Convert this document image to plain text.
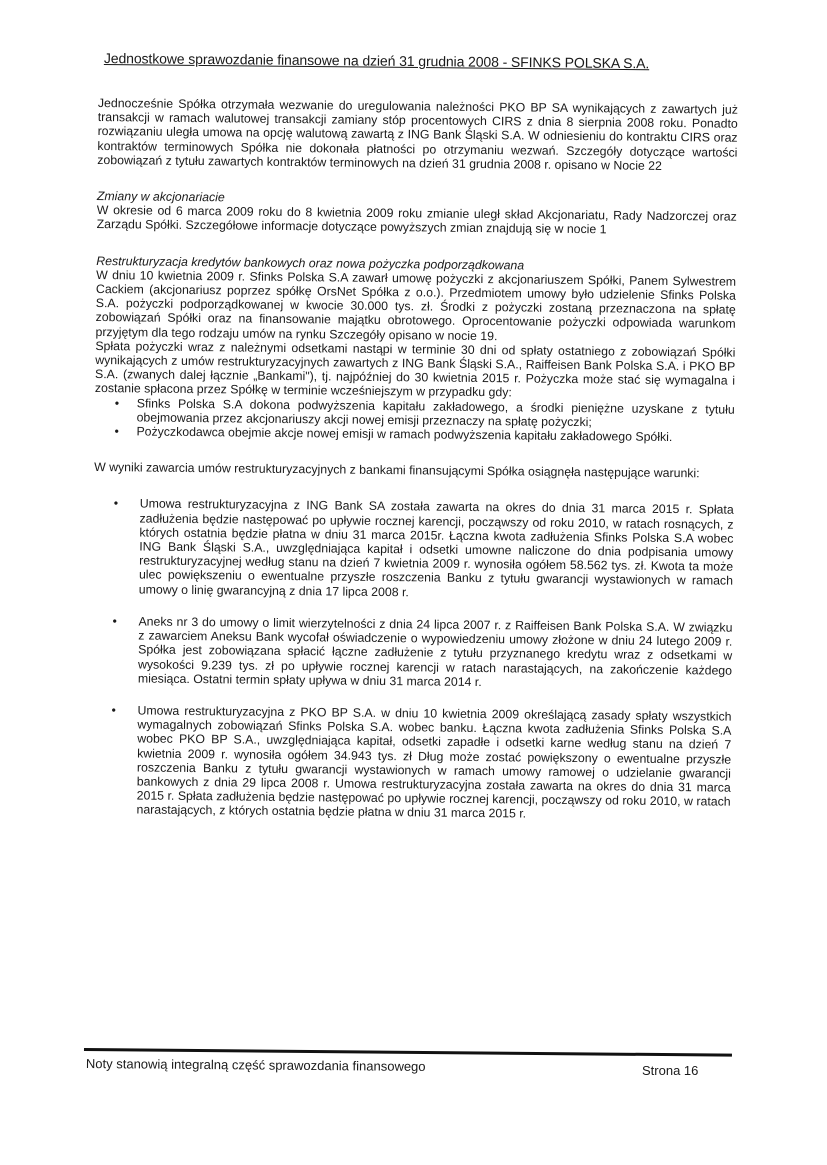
Jednostkowe sprawozdanie finansowe na dzień 31 grudnia 2008 - SFINKS POLSKA S.A.

Jednocześnie Spółka otrzymała wezwanie do uregulowania należności PKO BP SA wynikających z zawartych już transakcji w ramach walutowej transakcji zamiany stóp procentowych CIRS z dnia 8 sierpnia 2008 roku. Ponadto rozwiązaniu uległa umowa na opcję walutową zawartą z ING Bank Śląski S.A. W odniesieniu do kontraktu CIRS oraz kontraktów terminowych Spółka nie dokonała płatności po otrzymaniu wezwań. Szczegóły dotyczące wartości zobowiązań z tytułu zawartych kontraktów terminowych na dzień 31 grudnia 2008 r. opisano w Nocie 22

Zmiany w akcjonariacie

W okresie od 6 marca 2009 roku do 8 kwietnia 2009 roku zmianie uległ skład Akcjonariatu, Rady Nadzorczej oraz Zarządu Spółki. Szczegółowe informacje dotyczące powyższych zmian znajdują się w nocie 1

Restrukturyzacja kredytów bankowych oraz nowa pożyczka podporządkowana

W dniu 10 kwietnia 2009 r. Sfinks Polska S.A zawarł umowę pożyczki z akcjonariuszem Spółki, Panem Sylwestrem Cackiem (akcjonariusz poprzez spółkę OrsNet Spółka z o.o.). Przedmiotem umowy było udzielenie Sfinks Polska S.A. pożyczki podporządkowanej w kwocie 30.000 tys. zł. Środki z pożyczki zostaną przeznaczona na spłatę zobowiązań Spółki oraz na finansowanie majątku obrotowego. Oprocentowanie pożyczki odpowiada warunkom przyjętym dla tego rodzaju umów na rynku Szczegóły opisano w nocie 19.

Spłata pożyczki wraz z należnymi odsetkami nastąpi w terminie 30 dni od spłaty ostatniego z zobowiązań Spółki wynikających z umów restrukturyzacyjnych zawartych z ING Bank Śląski S.A., Raiffeisen Bank Polska S.A. i PKO BP S.A. (zwanych dalej łącznie „Bankami"), tj. najpóźniej do 30 kwietnia 2015 r. Pożyczka może stać się wymagalna i zostanie spłacona przez Spółkę w terminie wcześniejszym w przypadku gdy:

• Sfinks Polska S.A dokona podwyższenia kapitału zakładowego, a środki pieniężne uzyskane z tytułu obejmowania przez akcjonariuszy akcji nowej emisji przeznaczy na spłatę pożyczki;
• Pożyczkodawca obejmie akcje nowej emisji w ramach podwyższenia kapitału zakładowego Spółki.

W wyniki zawarcia umów restrukturyzacyjnych z bankami finansującymi Spółka osiągnęła następujące warunki:

• Umowa restrukturyzacyjna z ING Bank SA została zawarta na okres do dnia 31 marca 2015 r. Spłata zadłużenia będzie następować po upływie rocznej karencji, począwszy od roku 2010, w ratach rosnących, z których ostatnia będzie płatna w dniu 31 marca 2015r. Łączna kwota zadłużenia Sfinks Polska S.A wobec ING Bank Śląski S.A., uwzględniająca kapitał i odsetki umowne naliczone do dnia podpisania umowy restrukturyzacyjnej według stanu na dzień 7 kwietnia 2009 r. wynosiła ogółem 58.562 tys. zł. Kwota ta może ulec powiększeniu o ewentualne przyszłe roszczenia Banku z tytułu gwarancji wystawionych w ramach umowy o linię gwarancyjną z dnia 17 lipca 2008 r.
• Aneks nr 3 do umowy o limit wierzytelności z dnia 24 lipca 2007 r. z Raiffeisen Bank Polska S.A. W związku z zawarciem Aneksu Bank wycofał oświadczenie o wypowiedzeniu umowy złożone w dniu 24 lutego 2009 r. Spółka jest zobowiązana spłacić łączne zadłużenie z tytułu przyznanego kredytu wraz z odsetkami w wysokości 9.239 tys. zł po upływie rocznej karencji w ratach narastających, na zakończenie każdego miesiąca. Ostatni termin spłaty upływa w dniu 31 marca 2014 r.
• Umowa restrukturyzacyjna z PKO BP S.A. w dniu 10 kwietnia 2009 określającą zasady spłaty wszystkich wymagalnych zobowiązań Sfinks Polska S.A. wobec banku. Łączna kwota zadłużenia Sfinks Polska S.A wobec PKO BP S.A., uwzględniająca kapitał, odsetki zapadłe i odsetki karne według stanu na dzień 7 kwietnia 2009 r. wynosiła ogółem 34.943 tys. zł Dług może zostać powiększony o ewentualne przyszłe roszczenia Banku z tytułu gwarancji wystawionych w ramach umowy ramowej o udzielanie gwarancji bankowych z dnia 29 lipca 2008 r. Umowa restrukturyzacyjna została zawarta na okres do dnia 31 marca 2015 r. Spłata zadłużenia będzie następować po upływie rocznej karencji, począwszy od roku 2010, w ratach narastających, z których ostatnia będzie płatna w dniu 31 marca 2015 r.
Noty stanowią integralną część sprawozdania finansowego	Strona 16
